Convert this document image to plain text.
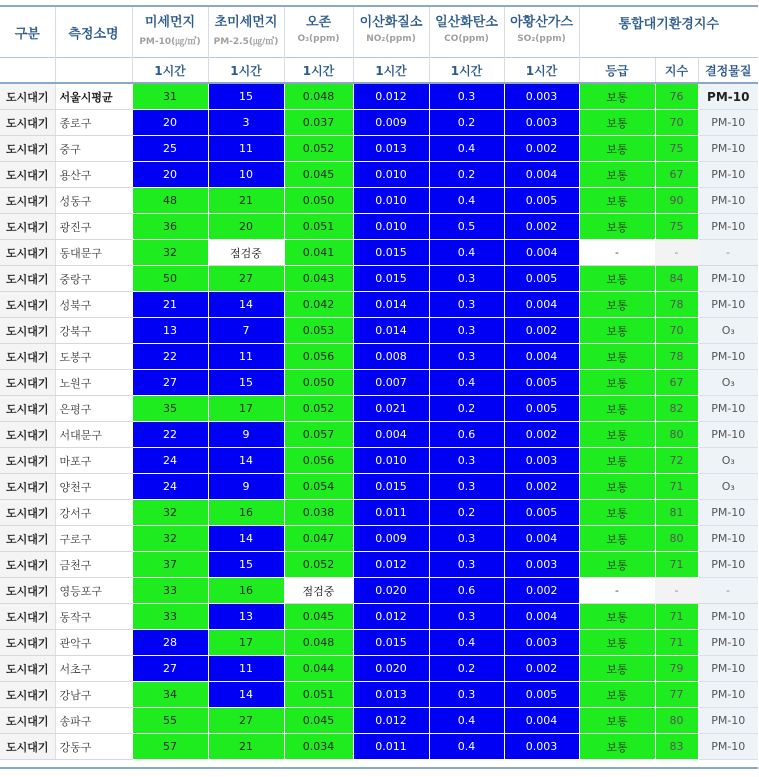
구분	측정소명	미세먼지	초미세먼지	오존	이산화질소	일산화탄소	아황산가스	통합대기환경지수		
		PM-10(㎍/㎥)	PM-2.5(㎍/㎥)	O₃(ppm)	NO₂(ppm)	CO(ppm)	SO₂(ppm)			
		1시간	1시간	1시간	1시간	1시간	1시간	등급	지수	결정물질
도시대기	서울시평균	31	15	0.048	0.012	0.3	0.003	보통	76	PM-10
도시대기	종로구	20	3	0.037	0.009	0.2	0.003	보통	70	PM-10
도시대기	중구	25	11	0.052	0.013	0.4	0.002	보통	75	PM-10
도시대기	용산구	20	10	0.045	0.010	0.2	0.004	보통	67	PM-10
도시대기	성동구	48	21	0.050	0.010	0.4	0.005	보통	90	PM-10
도시대기	광진구	36	20	0.051	0.010	0.5	0.002	보통	75	PM-10
도시대기	동대문구	32	점검중	0.041	0.015	0.4	0.004	-	-	-
도시대기	중랑구	50	27	0.043	0.015	0.3	0.005	보통	84	PM-10
도시대기	성북구	21	14	0.042	0.014	0.3	0.004	보통	78	PM-10
도시대기	강북구	13	7	0.053	0.014	0.3	0.002	보통	70	O₃
도시대기	도봉구	22	11	0.056	0.008	0.3	0.004	보통	78	PM-10
도시대기	노원구	27	15	0.050	0.007	0.4	0.005	보통	67	O₃
도시대기	은평구	35	17	0.052	0.021	0.2	0.005	보통	82	PM-10
도시대기	서대문구	22	9	0.057	0.004	0.6	0.002	보통	80	PM-10
도시대기	마포구	24	14	0.056	0.010	0.3	0.003	보통	72	O₃
도시대기	양천구	24	9	0.054	0.015	0.3	0.002	보통	71	O₃
도시대기	강서구	32	16	0.038	0.011	0.2	0.005	보통	81	PM-10
도시대기	구로구	32	14	0.047	0.009	0.3	0.004	보통	80	PM-10
도시대기	금천구	37	15	0.052	0.012	0.3	0.003	보통	71	PM-10
도시대기	영등포구	33	16	점검중	0.020	0.6	0.002	-	-	-
도시대기	동작구	33	13	0.045	0.012	0.3	0.004	보통	71	PM-10
도시대기	관악구	28	17	0.048	0.015	0.4	0.003	보통	71	PM-10
도시대기	서초구	27	11	0.044	0.020	0.2	0.002	보통	79	PM-10
도시대기	강남구	34	14	0.051	0.013	0.3	0.005	보통	77	PM-10
도시대기	송파구	55	27	0.045	0.012	0.4	0.004	보통	80	PM-10
도시대기	강동구	57	21	0.034	0.011	0.4	0.003	보통	83	PM-10
